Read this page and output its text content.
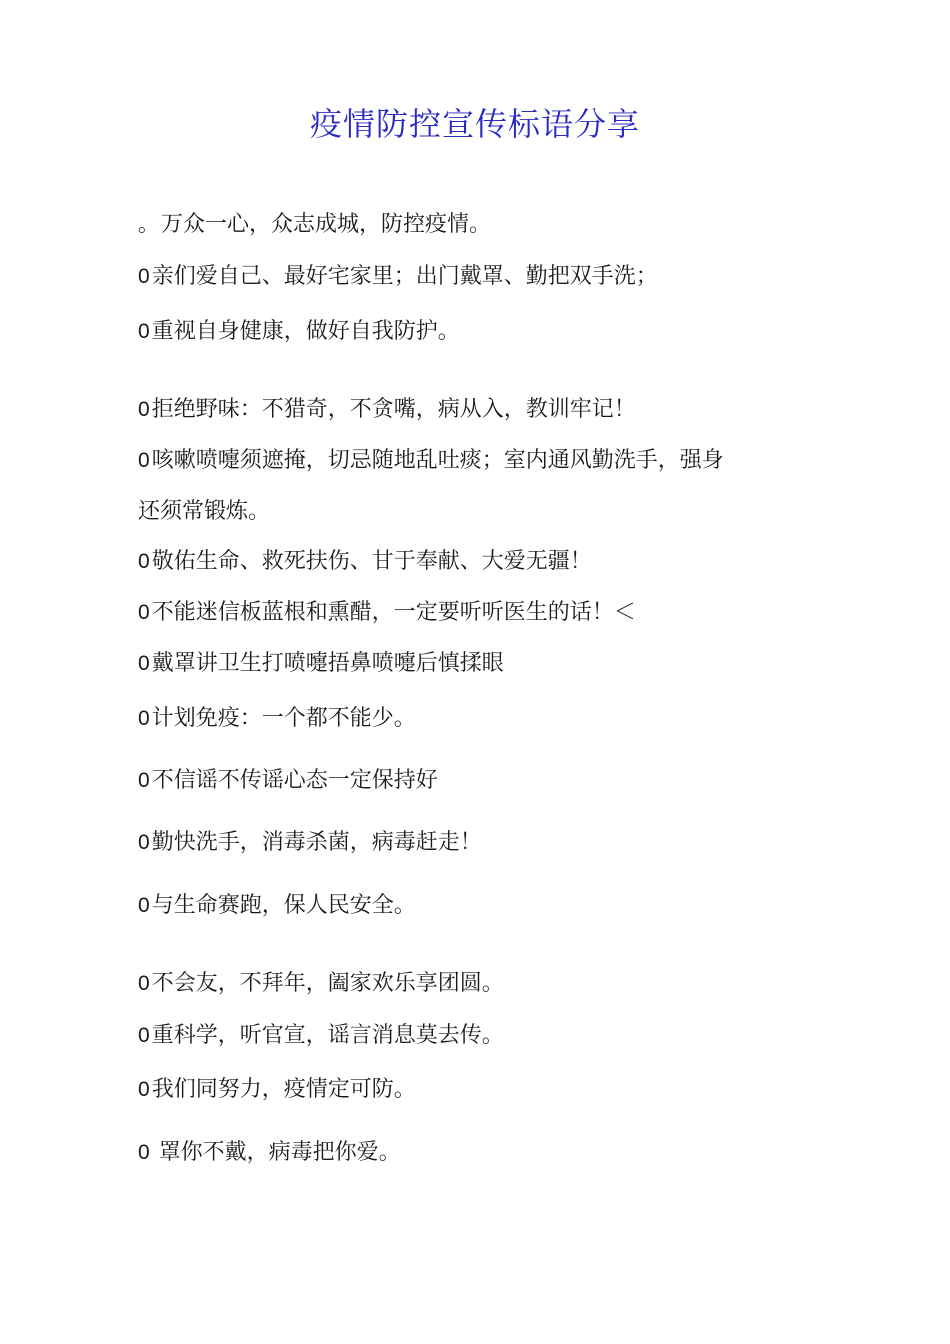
疫情防控宣传标语分享
。万众一心，众志成城，防控疫情。
0亲们爱自己、最好宅家里；出门戴罩、勤把双手洗；
0重视自身健康，做好自我防护。
0拒绝野味：不猎奇，不贪嘴，病从入，教训牢记！
0咳嗽喷嚏须遮掩，切忌随地乱吐痰；室内通风勤洗手，强身
还须常锻炼。
0敬佑生命、救死扶伤、甘于奉献、大爱无疆！
0不能迷信板蓝根和熏醋，一定要听听医生的话！＜
0戴罩讲卫生打喷嚏捂鼻喷嚏后慎揉眼
0计划免疫：一个都不能少。
0不信谣不传谣心态一定保持好
0勤快洗手，消毒杀菌，病毒赶走！
0与生命赛跑，保人民安全。
0不会友，不拜年，阖家欢乐享团圆。
0重科学，听官宣，谣言消息莫去传。
0我们同努力，疫情定可防。
0 罩你不戴，病毒把你爱。
